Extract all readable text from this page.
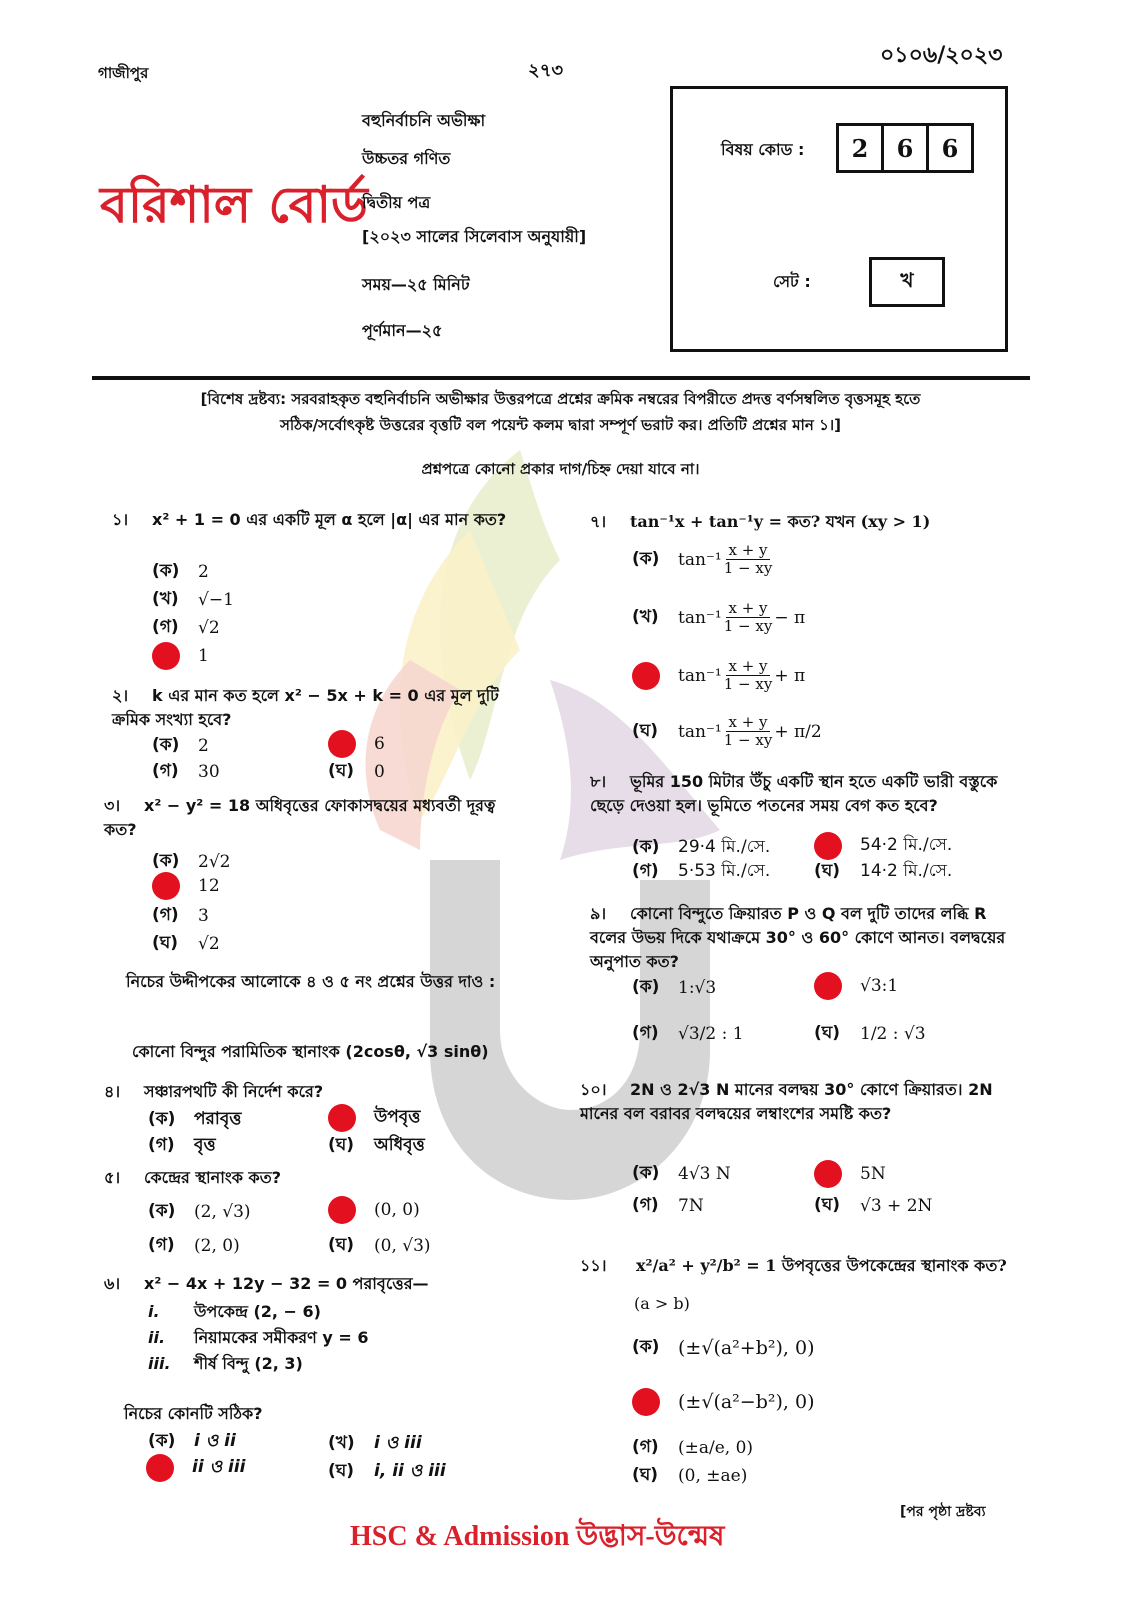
গাজীপুর	২৭৩
০১০৬/২০২৩
বরিশাল বোর্ড
বহুনির্বাচনি অভীক্ষা
উচ্চতর গণিত
দ্বিতীয় পত্র
[২০২৩ সালের সিলেবাস অনুযায়ী]
সময়—২৫ মিনিট
পূর্ণমান—২৫
বিষয় কোড :	2	6	6
সেট :	খ
[বিশেষ দ্রষ্টব্য: সরবরাহকৃত বহুনির্বাচনি অভীক্ষার উত্তরপত্রে প্রশ্নের ক্রমিক নম্বরের বিপরীতে প্রদত্ত বর্ণসম্বলিত বৃত্তসমূহ হতে
সঠিক/সর্বোৎকৃষ্ট উত্তরের বৃত্তটি বল পয়েন্ট কলম দ্বারা সম্পূর্ণ ভরাট কর। প্রতিটি প্রশ্নের মান ১।]
প্রশ্নপত্রে কোনো প্রকার দাগ/চিহ্ন দেয়া যাবে না।
১। x² + 1 = 0 এর একটি মূল α হলে |α| এর মান কত?
(ক)	2
(খ)	√−1
(গ)	√2
1
২। k এর মান কত হলে x² − 5x + k = 0 এর মূল দুটি ক্রমিক সংখ্যা হবে?
(ক)	2	6
(গ)	30	(ঘ)	0
৩। x² − y² = 18 অধিবৃত্তের ফোকাসদ্বয়ের মধ্যবর্তী দূরত্ব কত?
(ক)	2√2
12
(গ)	3
(ঘ)	√2
নিচের উদ্দীপকের আলোকে ৪ ও ৫ নং প্রশ্নের উত্তর দাও :
কোনো বিন্দুর পরামিতিক স্থানাংক (2cosθ, √3 sinθ)
৪। সঞ্চারপথটি কী নির্দেশ করে?
(ক)	পরাবৃত্ত	উপবৃত্ত
(গ)	বৃত্ত	(ঘ)	অধিবৃত্ত
৫। কেন্দ্রের স্থানাংক কত?
(ক)	(2, √3)	(0, 0)
(গ)	(2, 0)	(ঘ)	(0, √3)
৬। x² − 4x + 12y − 32 = 0 পরাবৃত্তের—
i. উপকেন্দ্র (2, − 6)
ii. নিয়ামকের সমীকরণ y = 6
iii. শীর্ষ বিন্দু (2, 3)
নিচের কোনটি সঠিক?
(ক)	i ও ii	(খ)	i ও iii
ii ও iii	(ঘ)	i, ii ও iii
৭। tan⁻¹x + tan⁻¹y = কত? যখন (xy > 1)
(ক)	$\tan^{-1} \frac{x + y}{1 - xy}$
(খ)	$\tan^{-1} \frac{x + y}{1 - xy} - \pi$
$\tan^{-1} \frac{x + y}{1 - xy} + \pi$
(ঘ)	$\tan^{-1} \frac{x + y}{1 - xy} + \pi/2$
৮। ভূমির 150 মিটার উঁচু একটি স্থান হতে একটি ভারী বস্তুকে ছেড়ে দেওয়া হল। ভূমিতে পতনের সময় বেগ কত হবে?
(ক)	29·4 মি./সে.	54·2 মি./সে.
(গ)	5·53 মি./সে.	(ঘ)	14·2 মি./সে.
৯। কোনো বিন্দুতে ক্রিয়ারত P ও Q বল দুটি তাদের লব্ধি R বলের উভয় দিকে যথাক্রমে 30° ও 60° কোণে আনত। বলদ্বয়ের অনুপাত কত?
(ক)	1:√3	√3:1
(গ)	√3/2 : 1	(ঘ)	1/2 : √3
১০। 2N ও 2√3 N মানের বলদ্বয় 30° কোণে ক্রিয়ারত। 2N মানের বল বরাবর বলদ্বয়ের লম্বাংশের সমষ্টি কত?
(ক)	4√3 N	5N
(গ)	7N	(ঘ)	√3 + 2N
১১। x²/a² + y²/b² = 1 উপবৃত্তের উপকেন্দ্রের স্থানাংক কত?
(a > b)
(ক) (±√(a²+b²), 0)
(±√(a²−b²), 0)
(গ)	(±a/e, 0)
(ঘ)	(0, ±ae)
[পর পৃষ্ঠা দ্রষ্টব্য
HSC & Admission উদ্ভাস-উন্মেষ
